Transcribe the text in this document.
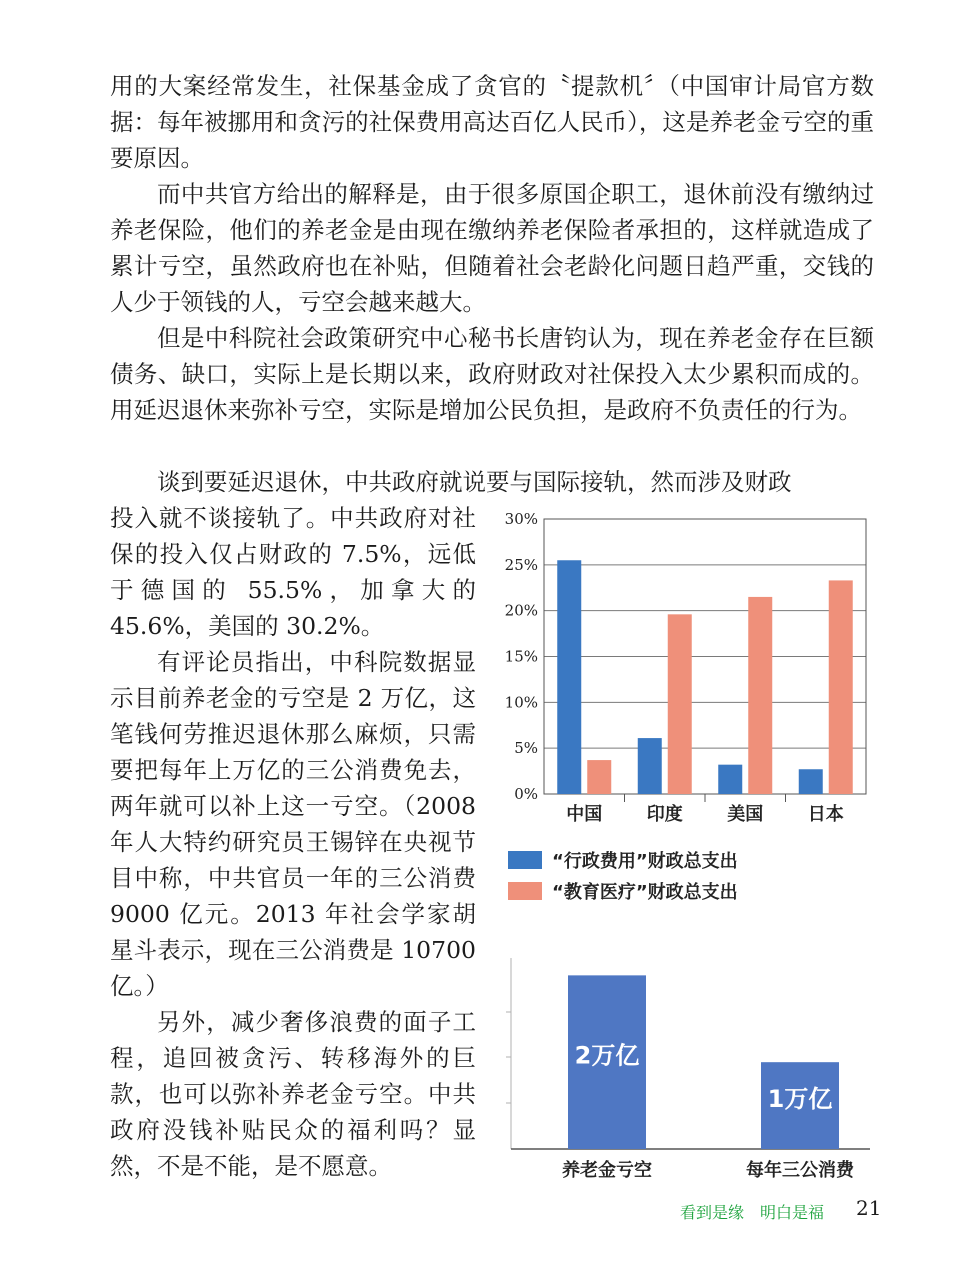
用的大案经常发生，社保基金成了贪官的〝提款机〞（中国审计局官方数据：每年被挪用和贪污的社保费用高达百亿人民币），这是养老金亏空的重要原因。

而中共官方给出的解释是，由于很多原国企职工，退休前没有缴纳过养老保险，他们的养老金是由现在缴纳养老保险者承担的，这样就造成了累计亏空，虽然政府也在补贴，但随着社会老龄化问题日趋严重，交钱的人少于领钱的人，亏空会越来越大。

但是中科院社会政策研究中心秘书长唐钧认为，现在养老金存在巨额债务、缺口，实际上是长期以来，政府财政对社保投入太少累积而成的。用延迟退休来弥补亏空，实际是增加公民负担，是政府不负责任的行为。

谈到要延迟退休，中共政府就说要与国际接轨，然而涉及财政

投入就不谈接轨了。中共政府对社保的投入仅占财政的 7.5%，远低于德国的 55.5%，加拿大的 45.6%，美国的 30.2%。

有评论员指出，中科院数据显示目前养老金的亏空是 2 万亿，这笔钱何劳推迟退休那么麻烦，只需要把每年上万亿的三公消费免去，两年就可以补上这一亏空。（2008 年人大特约研究员王锡锌在央视节目中称，中共官员一年的三公消费 9000 亿元。2013 年社会学家胡星斗表示，现在三公消费是 10700 亿。）

另外，减少奢侈浪费的面子工程，追回被贪污、转移海外的巨款，也可以弥补养老金亏空。中共政府没钱补贴民众的福利吗？显然，不是不能，是不愿意。

30%
25%
20%
15%
10%
5%
0%
中国 印度 美国 日本
2万亿
1万亿
养老金亏空	每年三公消费
“行政费用”财政总支出
“教育医疗”财政总支出
看到是缘　明白是福 21
